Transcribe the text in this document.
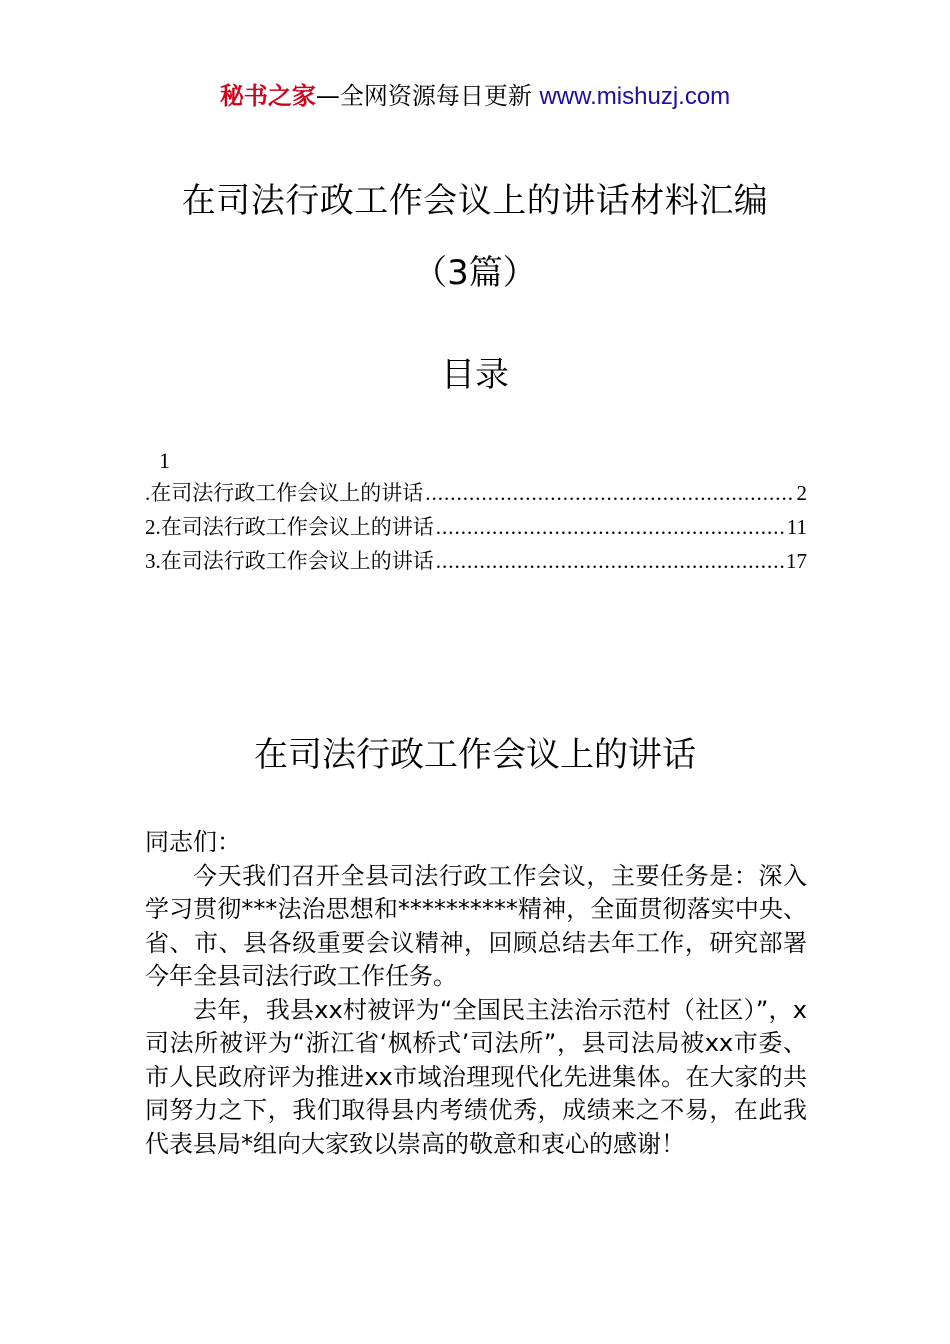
秘书之家—全网资源每日更新 www.mishuzj.com
在司法行政工作会议上的讲话材料汇编
（3篇）
目录
1
. 在司法行政工作会议上的讲话 .....	2
2. 在司法行政工作会议上的讲话 .....	11
3. 在司法行政工作会议上的讲话 .....	17
在司法行政工作会议上的讲话

同志们：

今天我们召开全县司法行政工作会议，主要任务是：深入学习贯彻***法治思想和**********精神，全面贯彻落实中央、省、市、县各级重要会议精神，回顾总结去年工作，研究部署今年全县司法行政工作任务。

去年，我县xx村被评为“全国民主法治示范村（社区）”，x司法所被评为“浙江省‘枫桥式’司法所”，县司法局被xx市委、市人民政府评为推进xx市域治理现代化先进集体。在大家的共同努力之下，我们取得县内考绩优秀，成绩来之不易，在此我代表县局*组向大家致以崇高的敬意和衷心的感谢！
